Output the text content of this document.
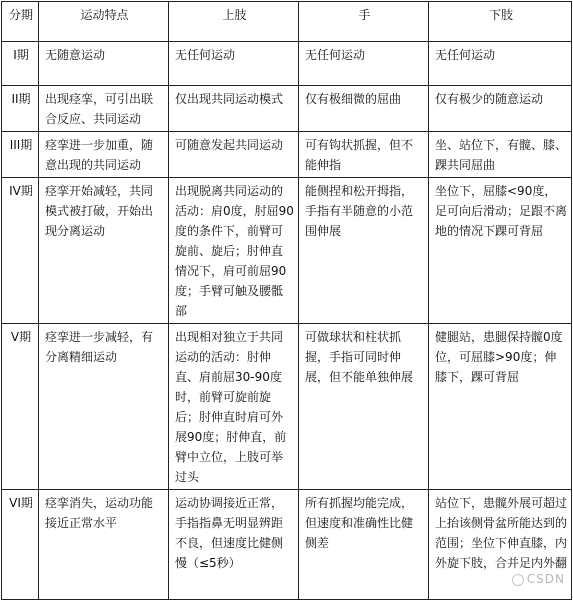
分期	运动特点	上肢	手	下肢
I期	无随意运动	无任何运动	无任何运动	无任何运动
II期	出现痉挛，可引出联合反应、共同运动	仅出现共同运动模式	仅有极细微的屈曲	仅有极少的随意运动
III期	痉挛进一步加重，随意出现的共同运动	可随意发起共同运动	可有钩状抓握，但不能伸指	坐、站位下，有髋、膝、踝共同屈曲
IV期	痉挛开始减轻，共同模式被打破，开始出现分离运动	出现脱离共同运动的活动：肩0度，肘屈90度的条件下，前臂可旋前、旋后；肘伸直情况下，肩可前屈90度；手臂可触及腰骶部	能侧捏和松开拇指，手指有半随意的小范围伸展	坐位下，屈膝<90度，足可向后滑动；足跟不离地的情况下踝可背屈
V期	痉挛进一步减轻，有分离精细运动	出现相对独立于共同运动的活动：肘伸直、肩前屈30-90度时，前臂可旋前旋后；肘伸直时肩可外展90度；肘伸直，前臂中立位，上肢可举过头	可做球状和柱状抓握，手指可同时伸展，但不能单独伸展	健腿站，患腿保持髋0度位，可屈膝>90度；伸膝下，踝可背屈
VI期	痉挛消失，运动功能接近正常水平	运动协调接近正常，手指指鼻无明显辨距不良，但速度比健侧慢（≤5秒）	所有抓握均能完成，但速度和准确性比健侧差	站位下，患髋外展可超过上抬该侧骨盆所能达到的范围；坐位下伸直膝，内外旋下肢，合并足内外翻
CSDN
